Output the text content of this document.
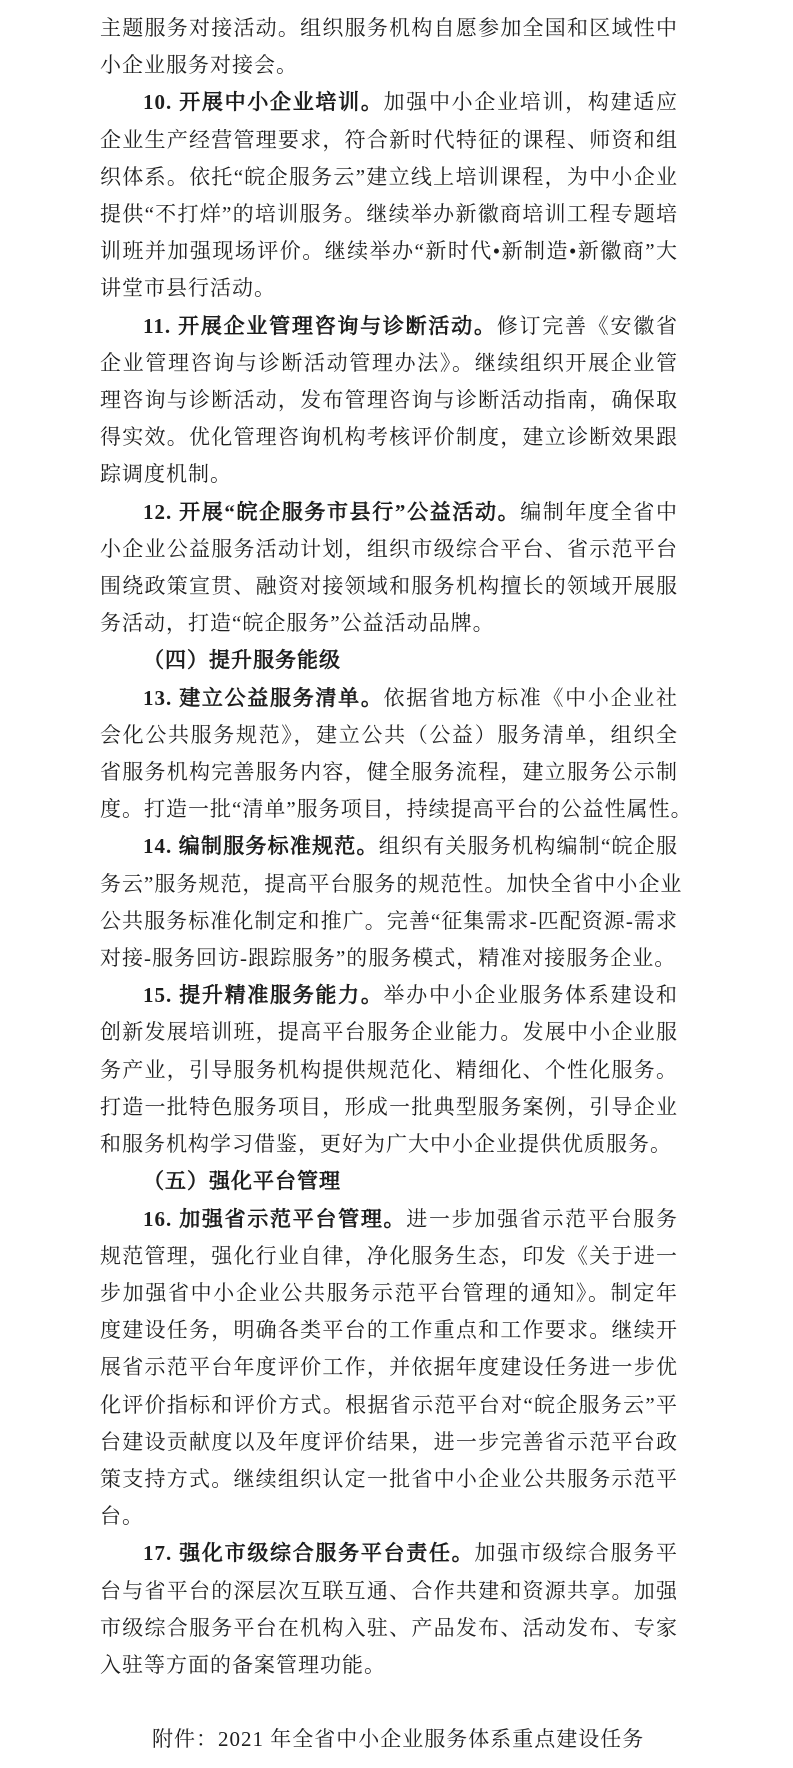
主题服务对接活动。组织服务机构自愿参加全国和区域性中
小企业服务对接会。
10. 开展中小企业培训。加强中小企业培训，构建适应
企业生产经营管理要求，符合新时代特征的课程、师资和组
织体系。依托“皖企服务云”建立线上培训课程，为中小企业
提供“不打烊”的培训服务。继续举办新徽商培训工程专题培
训班并加强现场评价。继续举办“新时代•新制造•新徽商”大
讲堂市县行活动。
11. 开展企业管理咨询与诊断活动。修订完善《安徽省
企业管理咨询与诊断活动管理办法》。继续组织开展企业管
理咨询与诊断活动，发布管理咨询与诊断活动指南，确保取
得实效。优化管理咨询机构考核评价制度，建立诊断效果跟
踪调度机制。
12. 开展“皖企服务市县行”公益活动。编制年度全省中
小企业公益服务活动计划，组织市级综合平台、省示范平台
围绕政策宣贯、融资对接领域和服务机构擅长的领域开展服
务活动，打造“皖企服务”公益活动品牌。
（四）提升服务能级
13. 建立公益服务清单。依据省地方标准《中小企业社
会化公共服务规范》，建立公共（公益）服务清单，组织全
省服务机构完善服务内容，健全服务流程，建立服务公示制
度。打造一批“清单”服务项目，持续提高平台的公益性属性。
14. 编制服务标准规范。组织有关服务机构编制“皖企服
务云”服务规范，提高平台服务的规范性。加快全省中小企业
公共服务标准化制定和推广。完善“征集需求-匹配资源-需求
对接-服务回访-跟踪服务”的服务模式，精准对接服务企业。
15. 提升精准服务能力。举办中小企业服务体系建设和
创新发展培训班，提高平台服务企业能力。发展中小企业服
务产业，引导服务机构提供规范化、精细化、个性化服务。
打造一批特色服务项目，形成一批典型服务案例，引导企业
和服务机构学习借鉴，更好为广大中小企业提供优质服务。
（五）强化平台管理
16. 加强省示范平台管理。进一步加强省示范平台服务
规范管理，强化行业自律，净化服务生态，印发《关于进一
步加强省中小企业公共服务示范平台管理的通知》。制定年
度建设任务，明确各类平台的工作重点和工作要求。继续开
展省示范平台年度评价工作，并依据年度建设任务进一步优
化评价指标和评价方式。根据省示范平台对“皖企服务云”平
台建设贡献度以及年度评价结果，进一步完善省示范平台政
策支持方式。继续组织认定一批省中小企业公共服务示范平
台。
17. 强化市级综合服务平台责任。加强市级综合服务平
台与省平台的深层次互联互通、合作共建和资源共享。加强
市级综合服务平台在机构入驻、产品发布、活动发布、专家
入驻等方面的备案管理功能。
附件：2021 年全省中小企业服务体系重点建设任务
